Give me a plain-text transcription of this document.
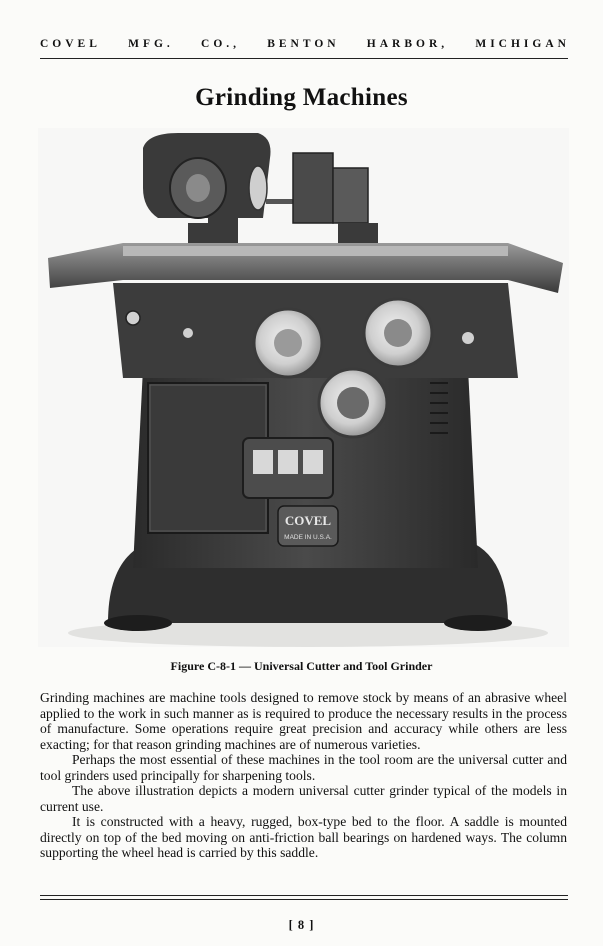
COVEL MFG. CO., BENTON HARBOR, MICHIGAN
Grinding Machines
COVEL
MADE IN U.S.A.
Figure C-8-1 — Universal Cutter and Tool Grinder

Grinding machines are machine tools designed to remove stock by means of an abrasive wheel applied to the work in such manner as is required to produce the necessary results in the process of manufacture. Some operations require great precision and accuracy while others are less exacting; for that reason grinding machines are of numerous varieties.

Perhaps the most essential of these machines in the tool room are the universal cutter and tool grinders used principally for sharpening tools.

The above illustration depicts a modern universal cutter grinder typical of the models in current use.

It is constructed with a heavy, rugged, box-type bed to the floor. A saddle is mounted directly on top of the bed moving on anti-friction ball bearings on hardened ways. The column supporting the wheel head is carried by this saddle.

[ 8 ]
